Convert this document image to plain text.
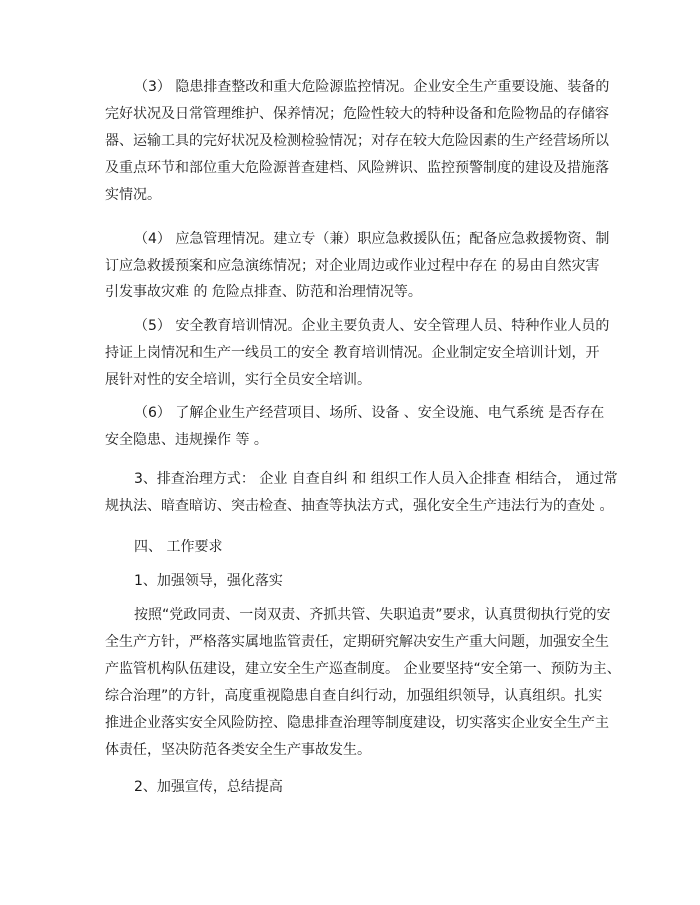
（3） 隐患排查整改和重大危险源监控情况。企业安全生产重要设施、装备的
完好状况及日常管理维护、保养情况；危险性较大的特种设备和危险物品的存储容
器、运输工具的完好状况及检测检验情况；对存在较大危险因素的生产经营场所以
及重点环节和部位重大危险源普查建档、风险辨识、监控预警制度的建设及措施落
实情况。
（4） 应急管理情况。建立专（兼）职应急救援队伍；配备应急救援物资、制
订应急救援预案和应急演练情况；对企业周边或作业过程中存在 的易由自然灾害
引发事故灾难 的 危险点排查、防范和治理情况等。
（5） 安全教育培训情况。企业主要负责人、安全管理人员、特种作业人员的
持证上岗情况和生产一线员工的安全 教育培训情况。企业制定安全培训计划，开
展针对性的安全培训，实行全员安全培训。
（6） 了解企业生产经营项目、场所、设备 、安全设施、电气系统 是否存在
安全隐患、违规操作 等 。
3、排查治理方式： 企业 自查自纠 和 组织工作人员入企排查 相结合， 通过常
规执法、暗查暗访、突击检查、抽查等执法方式，强化安全生产违法行为的查处 。
四、 工作要求
1、加强领导，强化落实
按照“党政同责、一岗双责、齐抓共管、失职追责”要求，认真贯彻执行党的安
全生产方针，严格落实属地监管责任，定期研究解决安生产重大问题，加强安全生
产监管机构队伍建设，建立安全生产巡查制度。 企业要坚持“安全第一、预防为主、
综合治理”的方针，高度重视隐患自查自纠行动，加强组织领导，认真组织。扎实
推进企业落实安全风险防控、隐患排查治理等制度建设，切实落实企业安全生产主
体责任，坚决防范各类安全生产事故发生。
2、加强宣传，总结提高
